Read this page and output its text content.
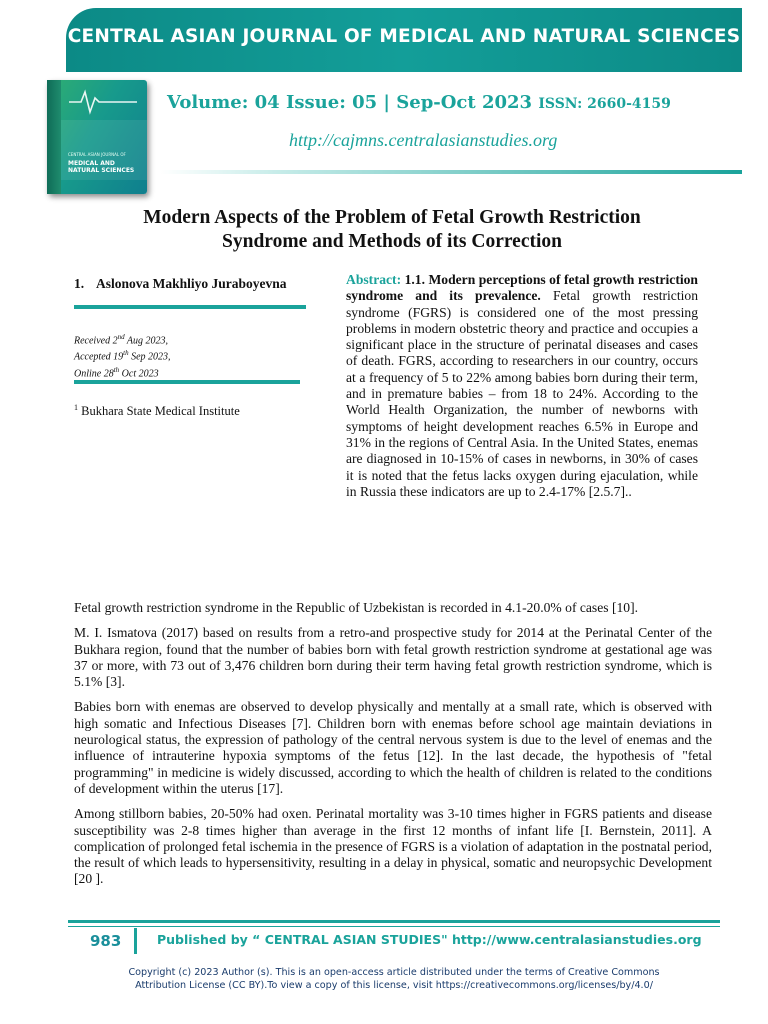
CENTRAL ASIAN JOURNAL OF MEDICAL AND NATURAL SCIENCES
CENTRAL ASIAN JOURNAL OF
MEDICAL AND NATURAL SCIENCES
Volume: 04 Issue: 05 | Sep-Oct 2023 ISSN: 2660-4159
http://cajmns.centralasianstudies.org
Modern Aspects of the Problem of Fetal Growth Restriction
Syndrome and Methods of its Correction
1. Aslonova Makhliyo Juraboyevna
Received 2nd Aug 2023,
Accepted 19th Sep 2023,
Online 28th Oct 2023
$^1$ Bukhara State Medical Institute

Abstract: 1.1. Modern perceptions of fetal growth restriction syndrome and its prevalence. Fetal growth restriction syndrome (FGRS) is considered one of the most pressing problems in modern obstetric theory and practice and occupies a significant place in the structure of perinatal diseases and cases of death. FGRS, according to researchers in our country, occurs at a frequency of 5 to 22% among babies born during their term, and in premature babies – from 18 to 24%. According to the World Health Organization, the number of newborns with symptoms of height development reaches 6.5% in Europe and 31% in the regions of Central Asia. In the United States, enemas are diagnosed in 10-15% of cases in newborns, in 30% of cases it is noted that the fetus lacks oxygen during ejaculation, while in Russia these indicators are up to 2.4-17% [2.5.7]..

Fetal growth restriction syndrome in the Republic of Uzbekistan is recorded in 4.1-20.0% of cases [10].

M. I. Ismatova (2017) based on results from a retro-and prospective study for 2014 at the Perinatal Center of the Bukhara region, found that the number of babies born with fetal growth restriction syndrome at gestational age was 37 or more, with 73 out of 3,476 children born during their term having fetal growth restriction syndrome, which is 5.1% [3].

Babies born with enemas are observed to develop physically and mentally at a small rate, which is observed with high somatic and Infectious Diseases [7]. Children born with enemas before school age maintain deviations in neurological status, the expression of pathology of the central nervous system is due to the level of enemas and the influence of intrauterine hypoxia symptoms of the fetus [12]. In the last decade, the hypothesis of "fetal programming" in medicine is widely discussed, according to which the health of children is related to the conditions of development within the uterus [17].

Among stillborn babies, 20-50% had oxen. Perinatal mortality was 3-10 times higher in FGRS patients and disease susceptibility was 2-8 times higher than average in the first 12 months of infant life [I. Bernstein, 2011]. A complication of prolonged fetal ischemia in the presence of FGRS is a violation of adaptation in the postnatal period, the result of which leads to hypersensitivity, resulting in a delay in physical, somatic and neuropsychic Development [20 ].

983	Published by “ CENTRAL ASIAN STUDIES" http://www.centralasianstudies.org

Copyright (c) 2023 Author (s). This is an open-access article distributed under the terms of Creative Commons
Attribution License (CC BY).To view a copy of this license, visit https://creativecommons.org/licenses/by/4.0/
